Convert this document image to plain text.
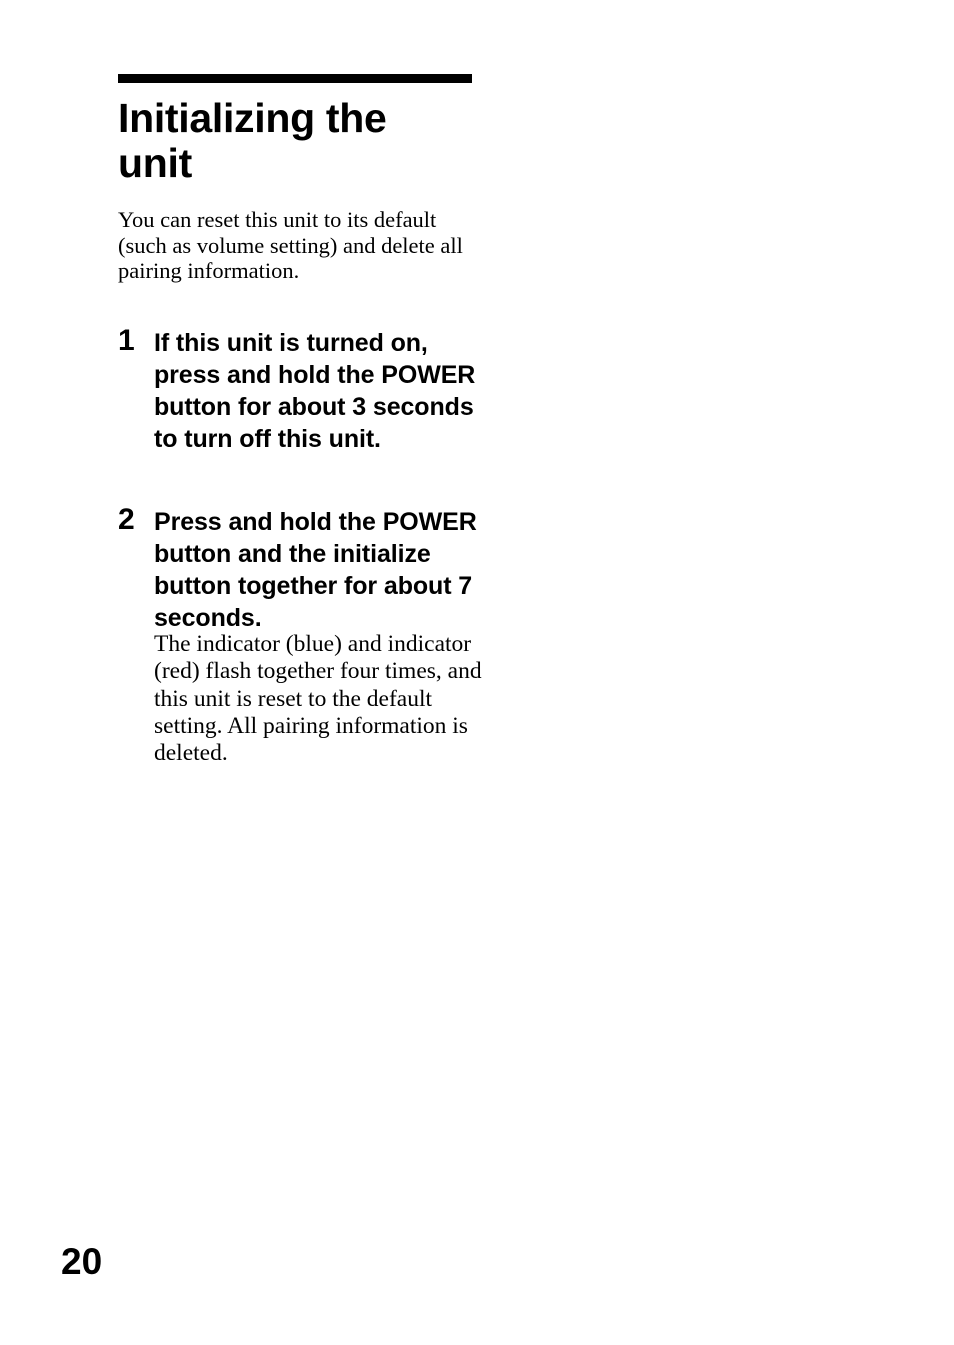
Initializing the
unit

You can reset this unit to its default (such as volume setting) and delete all pairing information.

1 If this unit is turned on, press and hold the POWER button for about 3 seconds to turn off this unit.

2 Press and hold the POWER button and the initialize button together for about 7 seconds.

The indicator (blue) and indicator (red) flash together four times, and this unit is reset to the default setting. All pairing information is deleted.

20
